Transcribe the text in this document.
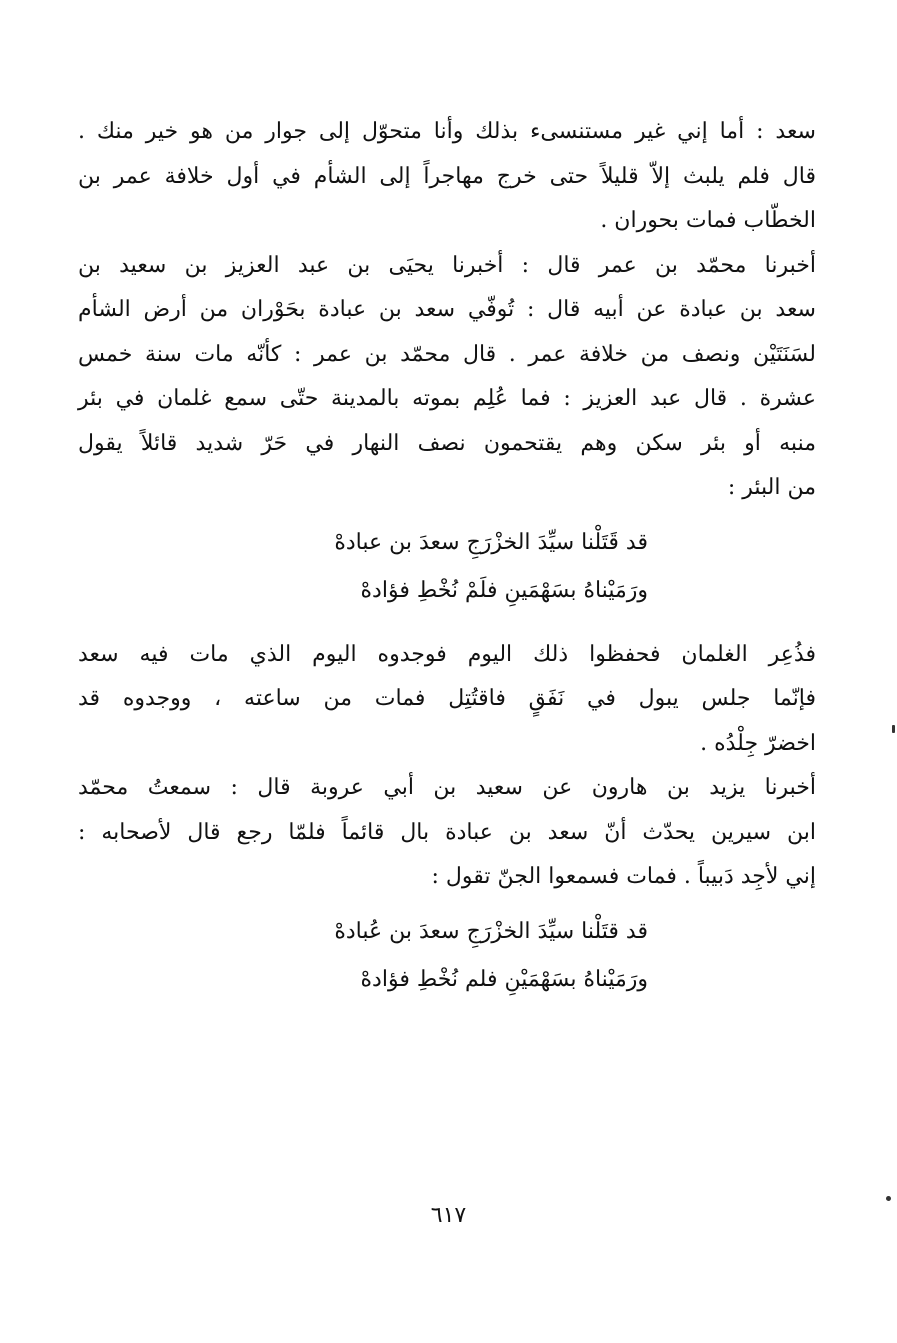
سعد : أما إني غير مستنسىء بذلك وأنا متحوّل إلى جوار من هو خير منك .
قال فلم يلبث إلاّ قليلاً حتى خرج مهاجراً إلى الشأم في أول خلافة عمر بن
الخطّاب فمات بحوران .

أخبرنا محمّد بن عمر قال : أخبرنا يحيَى بن عبد العزيز بن سعيد بن
سعد بن عبادة عن أبيه قال : تُوفّي سعد بن عبادة بحَوْران من أرض الشأم
لسَنَتَيْن ونصف من خلافة عمر . قال محمّد بن عمر : كأنّه مات سنة خمس
عشرة . قال عبد العزيز : فما عُلِم بموته بالمدينة حتّى سمع غلمان في بئر
منبه أو بئر سكن وهم يقتحمون نصف النهار في حَرّ شديد قائلاً يقول
من البئر :

قد قَتَلْنا سيِّدَ الخزْرَجِ سعدَ بن عبادهْ
ورَمَيْناهُ بسَهْمَينِ فلَمْ نُخْطِ فؤادهْ

فذُعِر الغلمان فحفظوا ذلك اليوم فوجدوه اليوم الذي مات فيه سعد
فإنّما جلس يبول في نَفَقٍ فاقتُتِل فمات من ساعته ، ووجدوه قد
اخضرّ جِلْدُه .

أخبرنا يزيد بن هارون عن سعيد بن أبي عروبة قال : سمعتُ محمّد
ابن سيرين يحدّث أنّ سعد بن عبادة بال قائماً فلمّا رجع قال لأصحابه :
إني لأجِد دَبيباً . فمات فسمعوا الجنّ تقول :

قد قتَلْنا سيِّدَ الخزْرَجِ سعدَ بن عُبادهْ
ورَمَيْناهُ بسَهْمَيْنِ فلم نُخْطِ فؤادهْ
٦١٧
